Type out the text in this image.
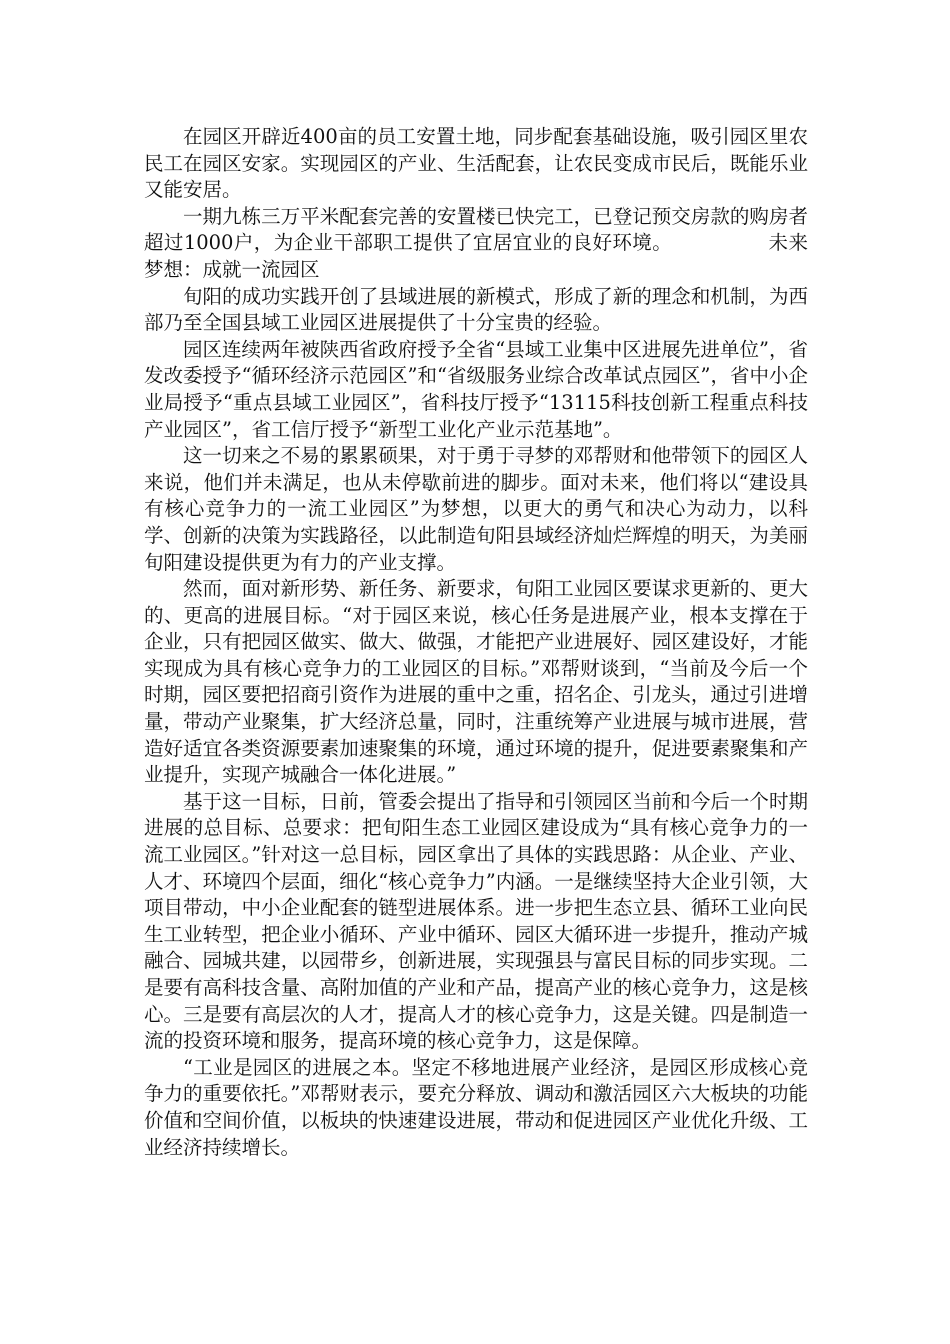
在园区开辟近400亩的员工安置土地，同步配套基础设施，吸引园区里农民工在园区安家。实现园区的产业、生活配套，让农民变成市民后，既能乐业又能安居。

一期九栋三万平米配套完善的安置楼已快完工，已登记预交房款的购房者超过1000户，为企业干部职工提供了宜居宜业的良好环境。	未来梦想：成就一流园区

旬阳的成功实践开创了县域进展的新模式，形成了新的理念和机制，为西部乃至全国县域工业园区进展提供了十分宝贵的经验。

园区连续两年被陕西省政府授予全省“县域工业集中区进展先进单位”，省发改委授予“循环经济示范园区”和“省级服务业综合改革试点园区”，省中小企业局授予“重点县域工业园区”，省科技厅授予“13115科技创新工程重点科技产业园区”，省工信厅授予“新型工业化产业示范基地”。

这一切来之不易的累累硕果，对于勇于寻梦的邓帮财和他带领下的园区人来说，他们并未满足，也从未停歇前进的脚步。面对未来，他们将以“建设具有核心竞争力的一流工业园区”为梦想，以更大的勇气和决心为动力，以科学、创新的决策为实践路径，以此制造旬阳县域经济灿烂辉煌的明天，为美丽旬阳建设提供更为有力的产业支撑。

然而，面对新形势、新任务、新要求，旬阳工业园区要谋求更新的、更大的、更高的进展目标。“对于园区来说，核心任务是进展产业，根本支撑在于企业，只有把园区做实、做大、做强，才能把产业进展好、园区建设好，才能实现成为具有核心竞争力的工业园区的目标。”邓帮财谈到，“当前及今后一个时期，园区要把招商引资作为进展的重中之重，招名企、引龙头，通过引进增量，带动产业聚集，扩大经济总量，同时，注重统筹产业进展与城市进展，营造好适宜各类资源要素加速聚集的环境，通过环境的提升，促进要素聚集和产业提升，实现产城融合一体化进展。”

基于这一目标，日前，管委会提出了指导和引领园区当前和今后一个时期进展的总目标、总要求：把旬阳生态工业园区建设成为“具有核心竞争力的一流工业园区。”针对这一总目标，园区拿出了具体的实践思路：从企业、产业、人才、环境四个层面，细化“核心竞争力”内涵。一是继续坚持大企业引领，大项目带动，中小企业配套的链型进展体系。进一步把生态立县、循环工业向民生工业转型，把企业小循环、产业中循环、园区大循环进一步提升，推动产城融合、园城共建，以园带乡，创新进展，实现强县与富民目标的同步实现。二是要有高科技含量、高附加值的产业和产品，提高产业的核心竞争力，这是核心。三是要有高层次的人才，提高人才的核心竞争力，这是关键。四是制造一流的投资环境和服务，提高环境的核心竞争力，这是保障。

“工业是园区的进展之本。坚定不移地进展产业经济，是园区形成核心竞争力的重要依托。”邓帮财表示，要充分释放、调动和激活园区六大板块的功能价值和空间价值，以板块的快速建设进展，带动和促进园区产业优化升级、工业经济持续增长。
